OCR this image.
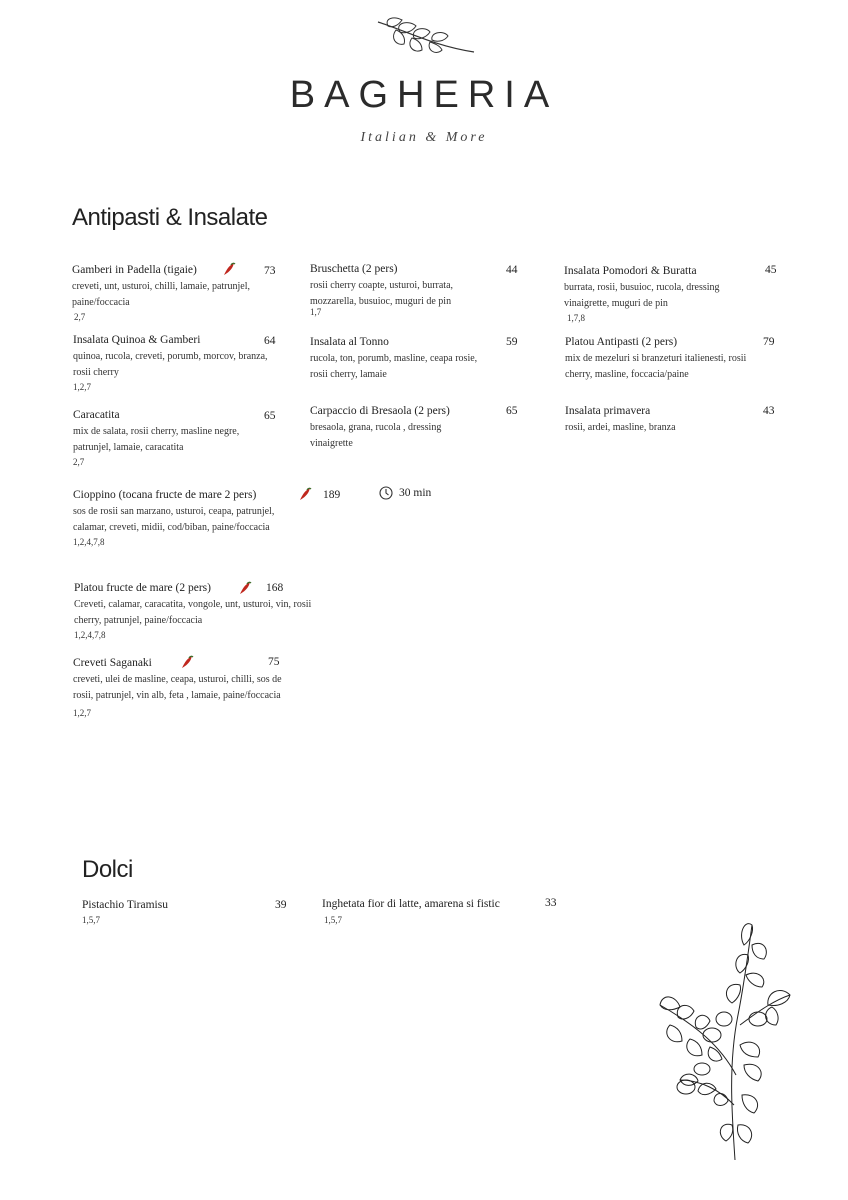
BAGHERIA
Italian & More
Antipasti & Insalate
Gamberi in Padella (tigaie)
creveti, unt, usturoi, chilli, lamaie, patrunjel, paine/foccacia
2,7
73
Insalata Quinoa & Gamberi
quinoa, rucola, creveti, porumb, morcov, branza, rosii cherry
1,2,7
64
Caracatita
mix de salata, rosii cherry, masline negre, patrunjel, lamaie, caracatita
2,7
65
Cioppino (tocana fructe de mare 2 pers)
sos de rosii san marzano, usturoi, ceapa, patrunjel, calamar, creveti, midii, cod/biban, paine/foccacia
1,2,4,7,8
189	30 min
Platou fructe de mare (2 pers)
Creveti, calamar, caracatita, vongole, unt, usturoi, vin, rosii cherry, patrunjel, paine/foccacia
1,2,4,7,8
168
Creveti Saganaki
creveti, ulei de masline, ceapa, usturoi, chilli, sos de rosii, patrunjel, vin alb, feta , lamaie, paine/foccacia
1,2,7
75
Bruschetta (2 pers)
rosii cherry coapte, usturoi, burrata, mozzarella, busuioc, muguri de pin
1,7
44
Insalata al Tonno
rucola, ton, porumb, masline, ceapa rosie, rosii cherry, lamaie
59
Carpaccio di Bresaola (2 pers)
bresaola, grana, rucola , dressing vinaigrette
65
Insalata Pomodori & Buratta
burrata, rosii, busuioc, rucola, dressing vinaigrette, muguri de pin
1,7,8
45
Platou Antipasti (2 pers)
mix de mezeluri si branzeturi italienesti, rosii cherry, masline, foccacia/paine
79
Insalata primavera
rosii, ardei, masline, branza
43
Dolci
Pistachio Tiramisu
1,5,7
39	Inghetata fior di latte, amarena si fistic
1,5,7
33
